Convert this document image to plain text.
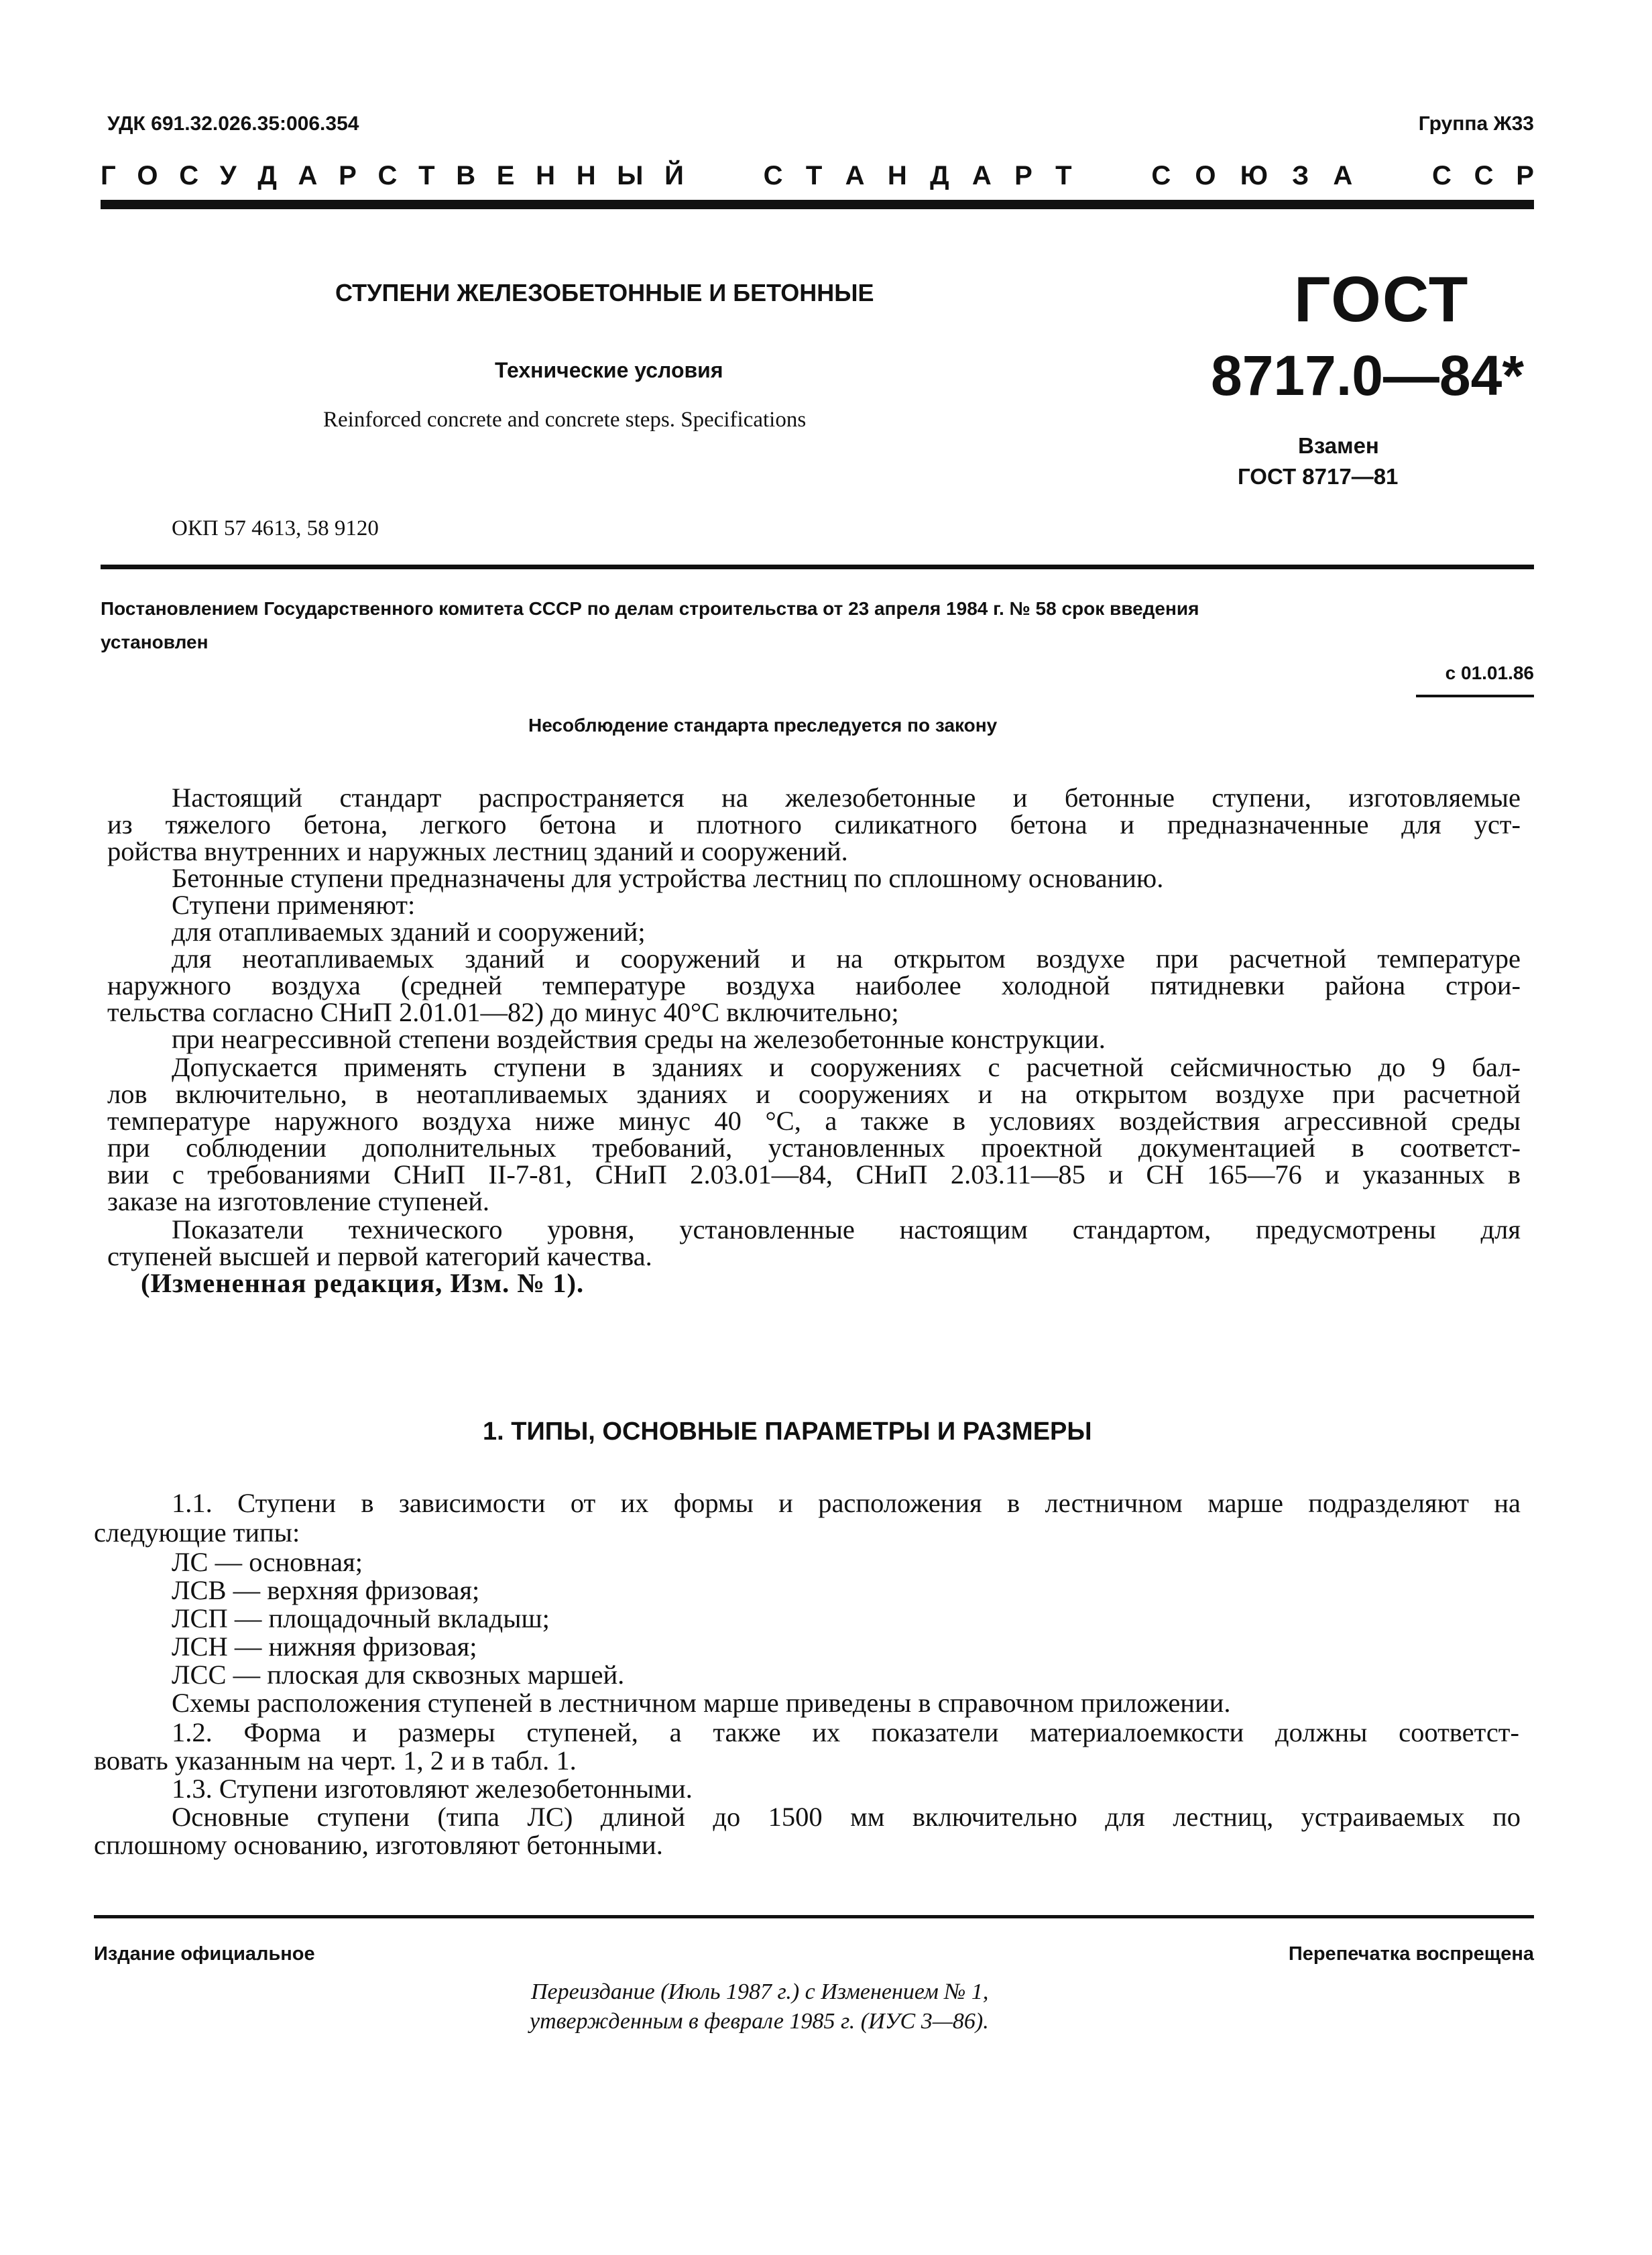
УДК 691.32.026.35:006.354	Группа Ж33
Г О С У Д А Р С Т В Е Н Н Ы Й	С Т А Н Д А Р Т	С О Ю З А	С С Р
СТУПЕНИ ЖЕЛЕЗОБЕТОННЫЕ И БЕТОННЫЕ
Технические условия
Reinforced concrete and concrete steps. Specifications
ГОСТ
8717.0—84*
Взамен
ГОСТ 8717—81
ОКП 57 4613, 58 9120
Постановлением Государственного комитета СССР по делам строительства от 23 апреля 1984 г. № 58 срок введения
установлен
с 01.01.86
Несоблюдение стандарта преследуется по закону
Настоящий стандарт распространяется на железобетонные и бетонные ступени, изготовляемые
из тяжелого бетона, легкого бетона и плотного силикатного бетона и предназначенные для уст-
ройства внутренних и наружных лестниц зданий и сооружений.
Бетонные ступени предназначены для устройства лестниц по сплошному основанию.
Ступени применяют:
для отапливаемых зданий и сооружений;
для неотапливаемых зданий и сооружений и на открытом воздухе при расчетной температуре
наружного воздуха (средней температуре воздуха наиболее холодной пятидневки района строи-
тельства согласно СНиП 2.01.01—82) до минус 40°С включительно;
при неагрессивной степени воздействия среды на железобетонные конструкции.
Допускается применять ступени в зданиях и сооружениях с расчетной сейсмичностью до 9 бал-
лов включительно, в неотапливаемых зданиях и сооружениях и на открытом воздухе при расчетной
температуре наружного воздуха ниже минус 40 °С, а также в условиях воздействия агрессивной среды
при соблюдении дополнительных требований, установленных проектной документацией в соответст-
вии с требованиями СНиП II-7-81, СНиП 2.03.01—84, СНиП 2.03.11—85 и СН 165—76 и указанных в
заказе на изготовление ступеней.
Показатели технического уровня, установленные настоящим стандартом, предусмотрены для
ступеней высшей и первой категорий качества.
(Измененная редакция, Изм. № 1).
1. ТИПЫ, ОСНОВНЫЕ ПАРАМЕТРЫ И РАЗМЕРЫ
1.1. Ступени в зависимости от их формы и расположения в лестничном марше подразделяют на
следующие типы:
ЛС — основная;
ЛСВ — верхняя фризовая;
ЛСП — площадочный вкладыш;
ЛСН — нижняя фризовая;
ЛСС — плоская для сквозных маршей.
Схемы расположения ступеней в лестничном марше приведены в справочном приложении.
1.2. Форма и размеры ступеней, а также их показатели материалоемкости должны соответст-
вовать указанным на черт. 1, 2 и в табл. 1.
1.3. Ступени изготовляют железобетонными.
Основные ступени (типа ЛС) длиной до 1500 мм включительно для лестниц, устраиваемых по
сплошному основанию, изготовляют бетонными.
Издание официальное	Перепечатка воспрещена
Переиздание (Июль 1987 г.) с Изменением № 1,
утвержденным в феврале 1985 г. (ИУС 3—86).
